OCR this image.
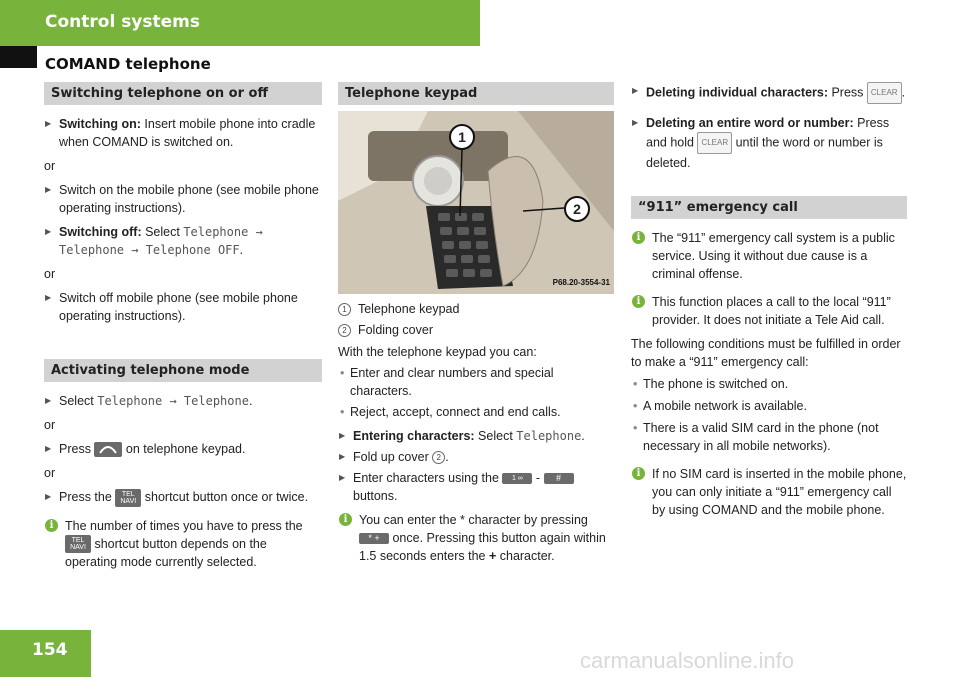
Control systems
COMAND telephone
Switching telephone on or off

▶ Switching on: Insert mobile phone into cradle when COMAND is switched on.

or

▶ Switch on the mobile phone (see mobile phone operating instructions).

▶ Switching off: Select Telephone → Telephone → Telephone OFF.

or

▶ Switch off mobile phone (see mobile phone operating instructions).

Activating telephone mode

▶ Select Telephone → Telephone.

or

▶ Press  on telephone keypad.

or

▶ Press the TEL NAVI shortcut button once or twice.

i The number of times you have to press the TEL NAVI shortcut button depends on the operating mode currently selected.

Telephone keypad
1
2
P68.20-3554-31

1 Telephone keypad

2 Folding cover

With the telephone keypad you can:

• Enter and clear numbers and special characters.

• Reject, accept, connect and end calls.

▶ Entering characters: Select Telephone.

▶ Fold up cover 2 .

▶ Enter characters using the 1 ∞ - # buttons.

i You can enter the * character by pressing * + once. Pressing this button again within 1.5 seconds enters the + character.

▶ Deleting individual characters: Press CLEAR .

▶ Deleting an entire word or number: Press and hold CLEAR until the word or number is deleted.

“911” emergency call

i The “911” emergency call system is a public service. Using it without due cause is a criminal offense.

i This function places a call to the local “911” provider. It does not initiate a Tele Aid call.

The following conditions must be fulfilled in order to make a “911” emergency call:

• The phone is switched on.

• A mobile network is available.

• There is a valid SIM card in the phone (not necessary in all mobile networks).

i If no SIM card is inserted in the mobile phone, you can only initiate a “911” emergency call by using COMAND and the mobile phone.

154	carmanualsonline.info
